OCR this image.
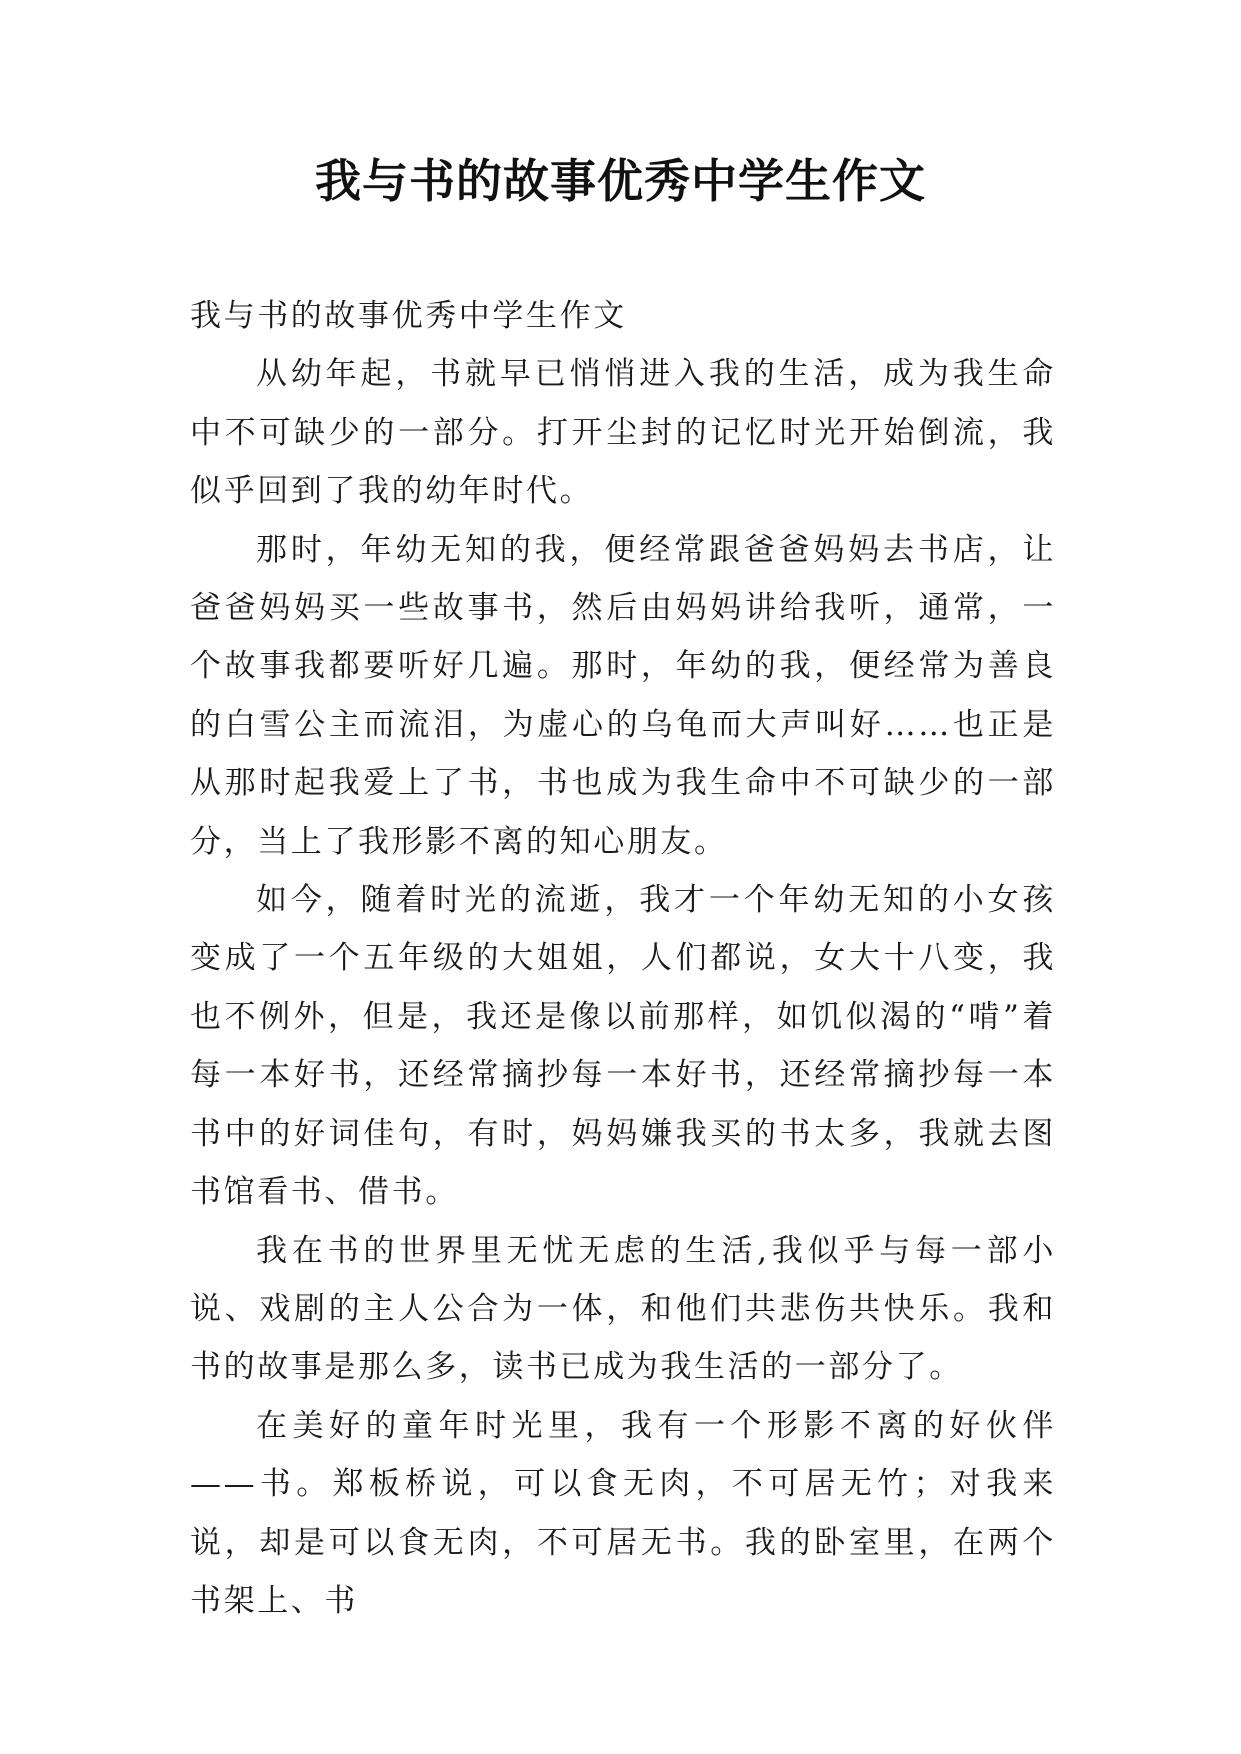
我与书的故事优秀中学生作文

我与书的故事优秀中学生作文

从幼年起，书就早已悄悄进入我的生活，成为我生命中不可缺少的一部分。打开尘封的记忆时光开始倒流，我似乎回到了我的幼年时代。

那时，年幼无知的我，便经常跟爸爸妈妈去书店，让爸爸妈妈买一些故事书，然后由妈妈讲给我听，通常，一个故事我都要听好几遍。那时，年幼的我，便经常为善良的白雪公主而流泪，为虚心的乌龟而大声叫好……也正是从那时起我爱上了书，书也成为我生命中不可缺少的一部分，当上了我形影不离的知心朋友。

如今，随着时光的流逝，我才一个年幼无知的小女孩变成了一个五年级的大姐姐，人们都说，女大十八变，我也不例外，但是，我还是像以前那样，如饥似渴的“啃”着每一本好书，还经常摘抄每一本好书，还经常摘抄每一本书中的好词佳句，有时，妈妈嫌我买的书太多，我就去图书馆看书、借书。

我在书的世界里无忧无虑的生活,我似乎与每一部小说、戏剧的主人公合为一体，和他们共悲伤共快乐。我和书的故事是那么多，读书已成为我生活的一部分了。

在美好的童年时光里，我有一个形影不离的好伙伴——书。郑板桥说，可以食无肉，不可居无竹；对我来说，却是可以食无肉，不可居无书。我的卧室里，在两个书架上、书
